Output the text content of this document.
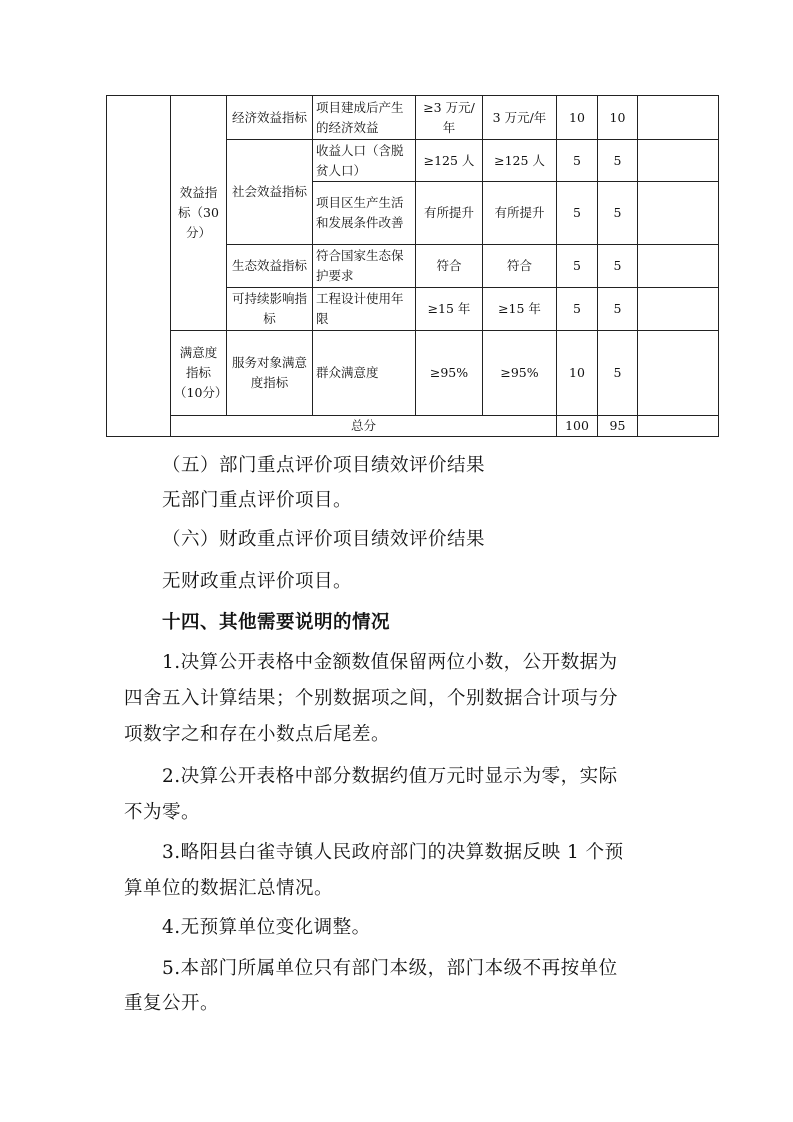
	效益指标（30分）	经济效益指标	项目建成后产生的经济效益	≥3 万元/年	3 万元/年	10	10	
		社会效益指标	收益人口（含脱贫人口）	≥125 人	≥125 人	5	5	
			项目区生产生活和发展条件改善	有所提升	有所提升	5	5	
		生态效益指标	符合国家生态保护要求	符合	符合	5	5	
		可持续影响指标	工程设计使用年限	≥15 年	≥15 年	5	5	
	满意度指标（10分）	服务对象满意度指标	群众满意度	≥95%	≥95%	10	5	
	总分					100	95	
（五）部门重点评价项目绩效评价结果
无部门重点评价项目。
（六）财政重点评价项目绩效评价结果
无财政重点评价项目。
十四、其他需要说明的情况
1.决算公开表格中金额数值保留两位小数，公开数据为
四舍五入计算结果；个别数据项之间，个别数据合计项与分
项数字之和存在小数点后尾差。
2.决算公开表格中部分数据约值万元时显示为零，实际
不为零。
3.略阳县白雀寺镇人民政府部门的决算数据反映 1 个预
算单位的数据汇总情况。
4.无预算单位变化调整。
5.本部门所属单位只有部门本级，部门本级不再按单位
重复公开。
